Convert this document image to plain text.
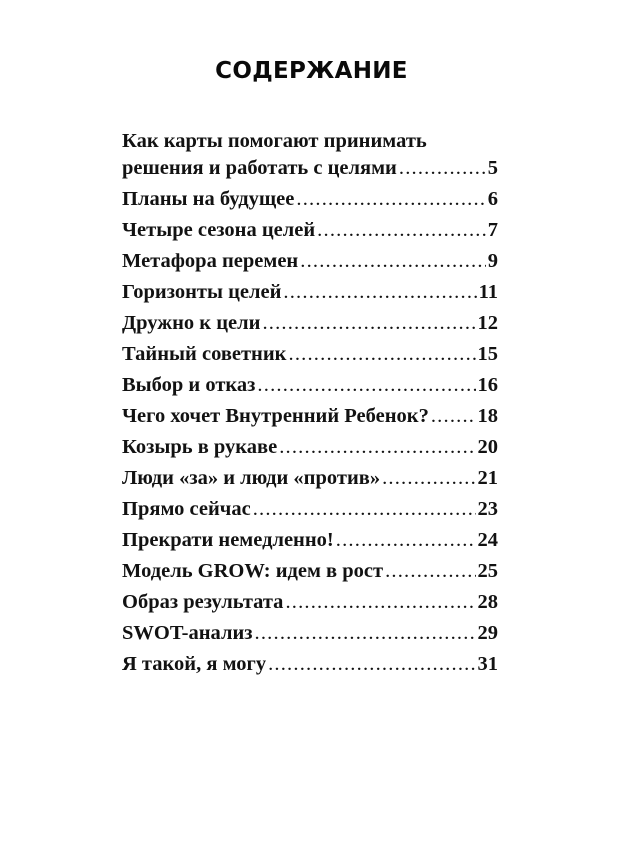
СОДЕРЖАНИЕ
Как карты помогают принимать
решения и работать с целями .....	5
Планы на будущее .....	6
Четыре сезона целей .....	7
Метафора перемен .....	9
Горизонты целей .....	11
Дружно к цели .....	12
Тайный советник .....	15
Выбор и отказ .....	16
Чего хочет Внутренний Ребенок? ..... 18
Козырь в рукаве .....	20
Люди «за» и люди «против» .....	21
Прямо сейчас .....	23
Прекрати немедленно! .....	24
Модель GROW: идем в рост .....	25
Образ результата .....	28
SWOT-анализ .....	29
Я такой, я могу .....	31
